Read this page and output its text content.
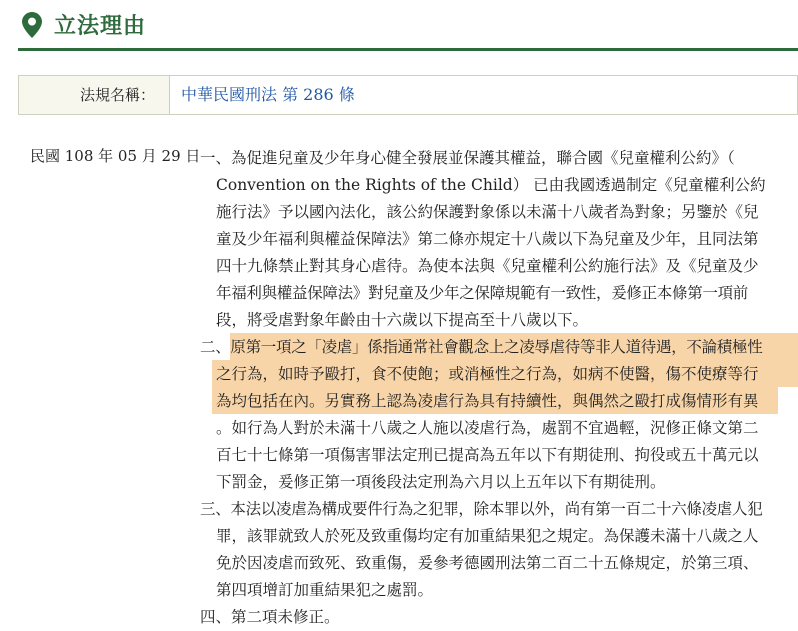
立法理由
法規名稱：	中華民國刑法 第 286 條
民國 108 年 05 月 29 日 一、為促進兒童及少年身心健全發展並保護其權益，聯合國《兒童權利公約》（
Convention on the Rights of the Child） 已由我國透過制定《兒童權利公約
施行法》予以國內法化，該公約保護對象係以未滿十八歲者為對象；另鑒於《兒
童及少年福利與權益保障法》第二條亦規定十八歲以下為兒童及少年，且同法第
四十九條禁止對其身心虐待。為使本法與《兒童權利公約施行法》及《兒童及少
年福利與權益保障法》對兒童及少年之保障規範有一致性，爰修正本條第一項前
段，將受虐對象年齡由十六歲以下提高至十八歲以下。
二、原第一項之「凌虐」係指通常社會觀念上之凌辱虐待等非人道待遇，不論積極性
之行為，如時予毆打，食不使飽；或消極性之行為，如病不使醫，傷不使療等行
為均包括在內。另實務上認為凌虐行為具有持續性，與偶然之毆打成傷情形有異
。如行為人對於未滿十八歲之人施以凌虐行為，處罰不宜過輕，況修正條文第二
百七十七條第一項傷害罪法定刑已提高為五年以下有期徒刑、拘役或五十萬元以
下罰金，爰修正第一項後段法定刑為六月以上五年以下有期徒刑。
三、本法以凌虐為構成要件行為之犯罪，除本罪以外，尚有第一百二十六條凌虐人犯
罪，該罪就致人於死及致重傷均定有加重結果犯之規定。為保護未滿十八歲之人
免於因凌虐而致死、致重傷，爰參考德國刑法第二百二十五條規定，於第三項、
第四項增訂加重結果犯之處罰。
四、第二項未修正。
